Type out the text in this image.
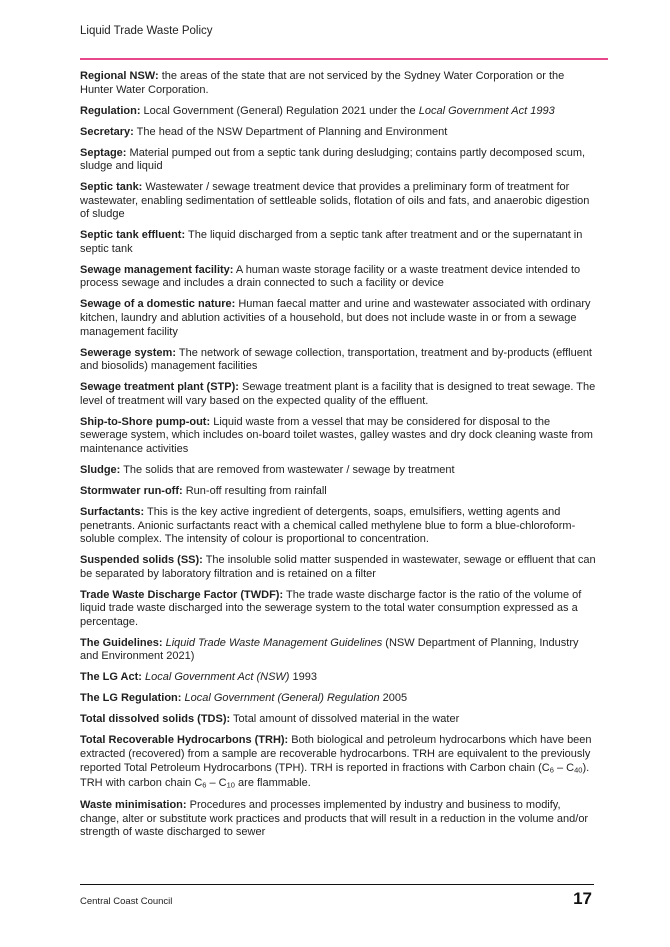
Liquid Trade Waste Policy

Regional NSW: the areas of the state that are not serviced by the Sydney Water Corporation or the Hunter Water Corporation.

Regulation: Local Government (General) Regulation 2021 under the Local Government Act 1993

Secretary: The head of the NSW Department of Planning and Environment

Septage: Material pumped out from a septic tank during desludging; contains partly decomposed scum, sludge and liquid

Septic tank: Wastewater / sewage treatment device that provides a preliminary form of treatment for wastewater, enabling sedimentation of settleable solids, flotation of oils and fats, and anaerobic digestion of sludge

Septic tank effluent: The liquid discharged from a septic tank after treatment and or the supernatant in septic tank

Sewage management facility: A human waste storage facility or a waste treatment device intended to process sewage and includes a drain connected to such a facility or device

Sewage of a domestic nature: Human faecal matter and urine and wastewater associated with ordinary kitchen, laundry and ablution activities of a household, but does not include waste in or from a sewage management facility

Sewerage system: The network of sewage collection, transportation, treatment and by-products (effluent and biosolids) management facilities

Sewage treatment plant (STP): Sewage treatment plant is a facility that is designed to treat sewage. The level of treatment will vary based on the expected quality of the effluent.

Ship-to-Shore pump-out: Liquid waste from a vessel that may be considered for disposal to the sewerage system, which includes on-board toilet wastes, galley wastes and dry dock cleaning waste from maintenance activities

Sludge: The solids that are removed from wastewater / sewage by treatment

Stormwater run-off: Run-off resulting from rainfall

Surfactants: This is the key active ingredient of detergents, soaps, emulsifiers, wetting agents and penetrants. Anionic surfactants react with a chemical called methylene blue to form a blue-chloroform-soluble complex. The intensity of colour is proportional to concentration.

Suspended solids (SS): The insoluble solid matter suspended in wastewater, sewage or effluent that can be separated by laboratory filtration and is retained on a filter

Trade Waste Discharge Factor (TWDF): The trade waste discharge factor is the ratio of the volume of liquid trade waste discharged into the sewerage system to the total water consumption expressed as a percentage.

The Guidelines: Liquid Trade Waste Management Guidelines (NSW Department of Planning, Industry and Environment 2021)

The LG Act: Local Government Act (NSW) 1993

The LG Regulation: Local Government (General) Regulation 2005

Total dissolved solids (TDS): Total amount of dissolved material in the water

Total Recoverable Hydrocarbons (TRH): Both biological and petroleum hydrocarbons which have been extracted (recovered) from a sample are recoverable hydrocarbons. TRH are equivalent to the previously reported Total Petroleum Hydrocarbons (TPH). TRH is reported in fractions with Carbon chain $(C_6 - C_{40})$. TRH with carbon chain $C_6 - C_{10}$ are flammable.

Waste minimisation: Procedures and processes implemented by industry and business to modify, change, alter or substitute work practices and products that will result in a reduction in the volume and/or strength of waste discharged to sewer

Central Coast Council	17
